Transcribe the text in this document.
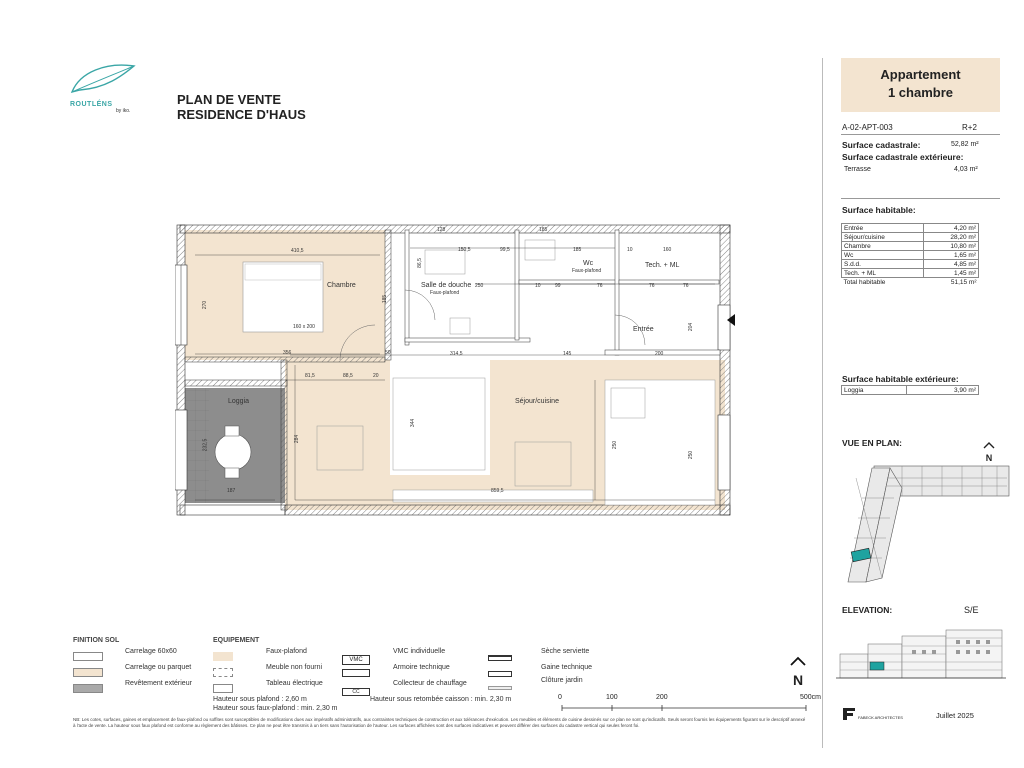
ROUTLÉNS
by iko.
PLAN DE VENTE
RESIDENCE D'HAUS
Appartement
1 chambre
A-02-APT-003	R+2
Surface cadastrale:	52,82 m²
Surface cadastrale extérieure:
Terrasse	4,03 m²
Surface habitable:
Entrée	4,20 m²
Séjour/cuisine	28,20 m²
Chambre	10,80 m²
Wc	1,65 m²
S.d.d.	4,85 m²
Tech. + ML	1,45 m²
Total habitable	51,15 m²
Surface habitable extérieure:
Loggia	3,90 m²
VUE EN PLAN:
N
ELEVATION:	S/E
FABECK ARCHITECTES	Juillet 2025
Chambre
160 x 200
Salle de douche
Faux-plafond
Wc
Faux-plafond
Tech. + ML
Entrée
Séjour/cuisine
Loggia
410,5
270
356
128
150,5	99,5	185	10	160
314,5	145	200
81,5	88,5	20
284
344
250
250
232,5
187	859,5
204
76	76	76
99
10
185
250
86,5
50
185
FINITION SOL
Carrelage 60x60
Carrelage ou parquet
Revêtement extérieur
EQUIPEMENT
Faux-plafond
Meuble non fourni
Tableau électrique
VMC
VMC individuelle
Armoire technique
CC
Collecteur de chauffage
Sèche serviette
Gaine technique
Clôture jardin
Hauteur sous plafond : 2,60 m
Hauteur sous faux-plafond : min. 2,30 m
Hauteur sous retombée caisson : min. 2,30 m	0	100	200	500cm
N
NB: Les cotes, surfaces, gaines et emplacement de faux-plafond ou soffites sont susceptibles de modifications dues aux impératifs administratifs, aux contraintes techniques de construction et aux tolérances d'exécution. Les meubles et éléments de cuisine dessinés sur ce plan ne sont qu'indicatifs. Seuls seront fournis les équipements figurant sur le descriptif annexé à l'acte de vente. La hauteur sous faux plafond est conforme au règlement des bâtisses. Ce plan ne peut être transmis à un tiers sans l'autorisation de l'auteur. Les surfaces affichées sont des surfaces indicatives et peuvent différer des surfaces du cadastre vertical qui seules feront foi.
